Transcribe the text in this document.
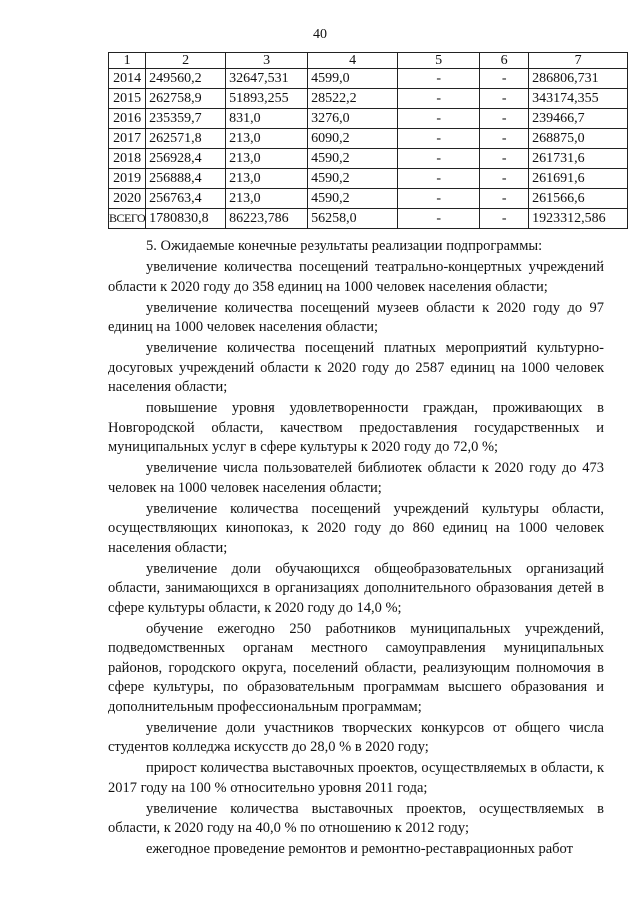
40
1	2	3	4	5	6	7
2014	249560,2	32647,531	4599,0	-	-	286806,731
2015	262758,9	51893,255	28522,2	-	-	343174,355
2016	235359,7	831,0	3276,0	-	-	239466,7
2017	262571,8	213,0	6090,2	-	-	268875,0
2018	256928,4	213,0	4590,2	-	-	261731,6
2019	256888,4	213,0	4590,2	-	-	261691,6
2020	256763,4	213,0	4590,2	-	-	261566,6
ВСЕГО	1780830,8	86223,786	56258,0	-	-	1923312,586

5. Ожидаемые конечные результаты реализации подпрограммы:

увеличение количества посещений театрально-концертных учреждений области к 2020 году до 358 единиц на 1000 человек населения области;

увеличение количества посещений музеев области к 2020 году до 97 единиц на 1000 человек населения области;

увеличение количества посещений платных мероприятий культурно-досуговых учреждений области к 2020 году до 2587 единиц на 1000 человек населения области;

повышение уровня удовлетворенности граждан, проживающих в Новгородской области, качеством предоставления государственных и муниципальных услуг в сфере культуры к 2020 году до 72,0 %;

увеличение числа пользователей библиотек области к 2020 году до 473 человек на 1000 человек населения области;

увеличение количества посещений учреждений культуры области, осуществляющих кинопоказ, к 2020 году до 860 единиц на 1000 человек населения области;

увеличение доли обучающихся общеобразовательных организаций области, занимающихся в организациях дополнительного образования детей в сфере культуры области, к 2020 году до 14,0 %;

обучение ежегодно 250 работников муниципальных учреждений, подведомственных органам местного самоуправления муниципальных районов, городского округа, поселений области, реализующим полномочия в сфере культуры, по образовательным программам высшего образования и дополнительным профессиональным программам;

увеличение доли участников творческих конкурсов от общего числа студентов колледжа искусств до 28,0 % в 2020 году;

прирост количества выставочных проектов, осуществляемых в области, к 2017 году на 100 % относительно уровня 2011 года;

увеличение количества выставочных проектов, осуществляемых в области, к 2020 году на 40,0 % по отношению к 2012 году;

ежегодное проведение ремонтов и ремонтно-реставрационных работ
